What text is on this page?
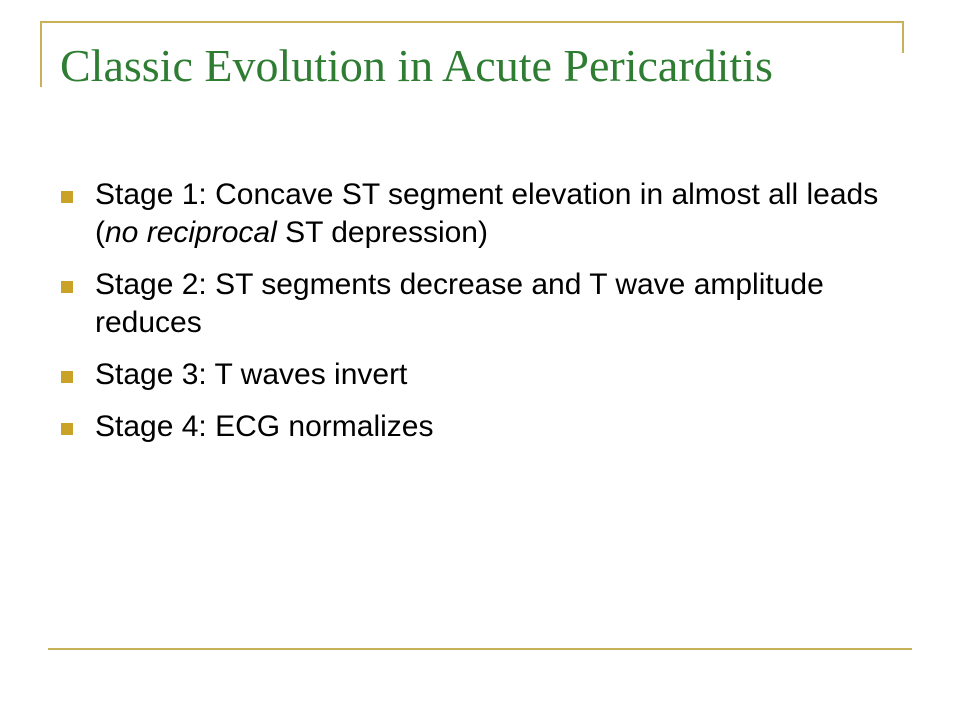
Classic Evolution in Acute Pericarditis
Stage 1: Concave ST segment elevation in almost all leads (no reciprocal ST depression)
Stage 2: ST segments decrease and T wave amplitude reduces
Stage 3: T waves invert
Stage 4: ECG normalizes
